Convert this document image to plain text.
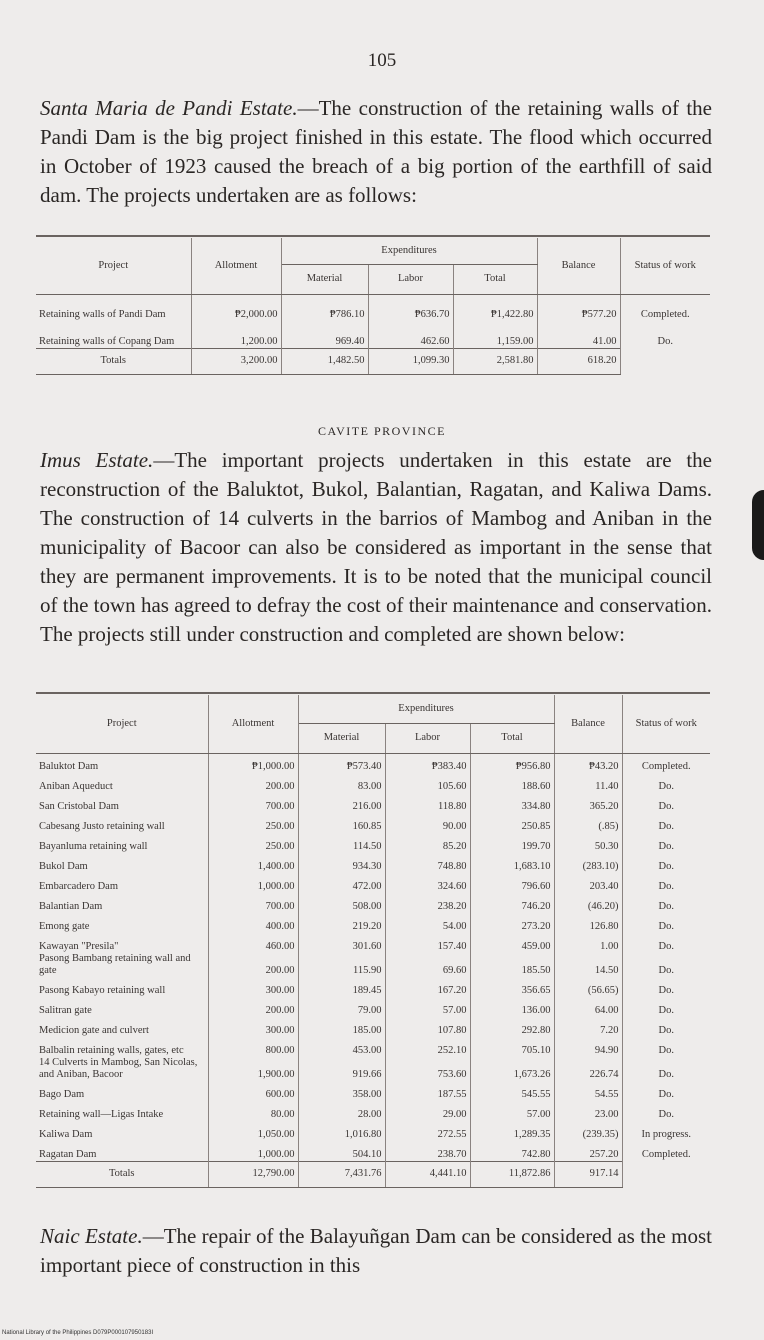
105
Santa Maria de Pandi Estate.—The construction of the retaining walls of the Pandi Dam is the big project finished in this estate. The flood which occurred in October of 1923 caused the breach of a big portion of the earthfill of said dam. The projects undertaken are as follows:
Project	Allotment	Expenditures			Balance	Status of work
		Material	Labor	Total		
Retaining walls of Pandi Dam	₱2,000.00	₱786.10	₱636.70	₱1,422.80	₱577.20	Completed.
Retaining walls of Copang Dam	1,200.00	969.40	462.60	1,159.00	41.00	Do.
Totals	3,200.00	1,482.50	1,099.30	2,581.80	618.20	
CAVITE PROVINCE
Imus Estate.—The important projects undertaken in this estate are the reconstruction of the Baluktot, Bukol, Balantian, Ragatan, and Kaliwa Dams. The construction of 14 culverts in the barrios of Mambog and Aniban in the municipality of Bacoor can also be considered as important in the sense that they are permanent improvements. It is to be noted that the municipal council of the town has agreed to defray the cost of their maintenance and conservation. The projects still under construction and completed are shown below:
Project	Allotment	Expenditures			Balance	Status of work
		Material	Labor	Total		
Baluktot Dam	₱1,000.00	₱573.40	₱383.40	₱956.80	₱43.20	Completed.
Aniban Aqueduct	200.00	83.00	105.60	188.60	11.40	Do.
San Cristobal Dam	700.00	216.00	118.80	334.80	365.20	Do.
Cabesang Justo retaining wall	250.00	160.85	90.00	250.85	(.85)	Do.
Bayanluma retaining wall	250.00	114.50	85.20	199.70	50.30	Do.
Bukol Dam	1,400.00	934.30	748.80	1,683.10	(283.10)	Do.
Embarcadero Dam	1,000.00	472.00	324.60	796.60	203.40	Do.
Balantian Dam	700.00	508.00	238.20	746.20	(46.20)	Do.
Emong gate	400.00	219.20	54.00	273.20	126.80	Do.
Kawayan "Presila"	460.00	301.60	157.40	459.00	1.00	Do.
Pasong Bambang retaining wall and gate	200.00	115.90	69.60	185.50	14.50	Do.
Pasong Kabayo retaining wall	300.00	189.45	167.20	356.65	(56.65)	Do.
Salitran gate	200.00	79.00	57.00	136.00	64.00	Do.
Medicion gate and culvert	300.00	185.00	107.80	292.80	7.20	Do.
Balbalin retaining walls, gates, etc	800.00	453.00	252.10	705.10	94.90	Do.
14 Culverts in Mambog, San Nicolas, and Aniban, Bacoor	1,900.00	919.66	753.60	1,673.26	226.74	Do.
Bago Dam	600.00	358.00	187.55	545.55	54.55	Do.
Retaining wall—Ligas Intake	80.00	28.00	29.00	57.00	23.00	Do.
Kaliwa Dam	1,050.00	1,016.80	272.55	1,289.35	(239.35)	In progress.
Ragatan Dam	1,000.00	504.10	238.70	742.80	257.20	Completed.
Totals	12,790.00	7,431.76	4,441.10	11,872.86	917.14	
Naic Estate.—The repair of the Balayuñgan Dam can be considered as the most important piece of construction in this
National Library of the Philippines D079P000107950183I
